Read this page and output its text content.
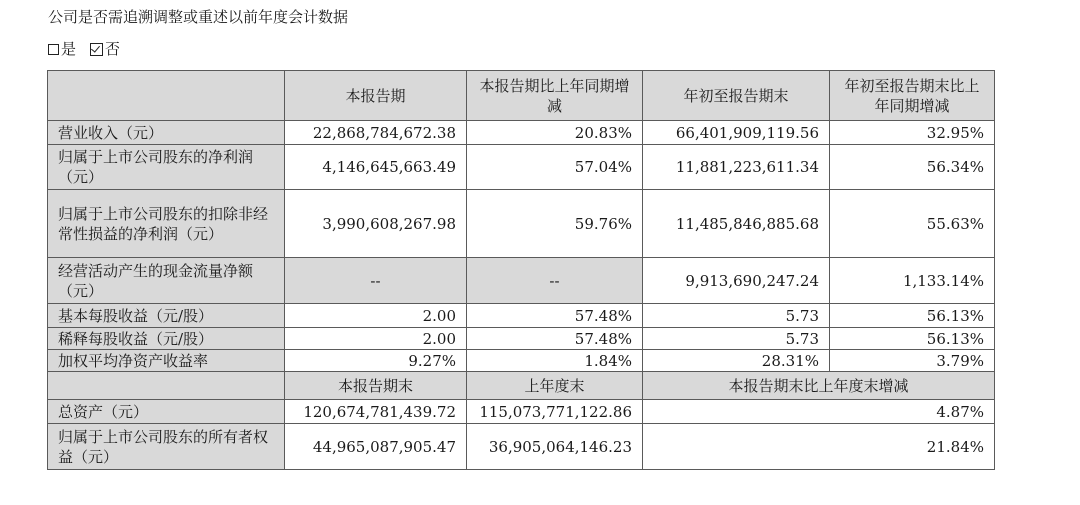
公司是否需追溯调整或重述以前年度会计数据
是 否
	本报告期	本报告期比上年同期增减	年初至报告期末	年初至报告期末比上年同期增减
营业收入（元）	22,868,784,672.38	20.83%	66,401,909,119.56	32.95%
归属于上市公司股东的净利润（元）	4,146,645,663.49	57.04%	11,881,223,611.34	56.34%
归属于上市公司股东的扣除非经常性损益的净利润（元）	3,990,608,267.98	59.76%	11,485,846,885.68	55.63%
经营活动产生的现金流量净额（元）	--	--	9,913,690,247.24	1,133.14%
基本每股收益（元/股）	2.00	57.48%	5.73	56.13%
稀释每股收益（元/股）	2.00	57.48%	5.73	56.13%
加权平均净资产收益率	9.27%	1.84%	28.31%	3.79%
	本报告期末	上年度末	本报告期末比上年度末增减	
总资产（元）	120,674,781,439.72	115,073,771,122.86	4.87%	
归属于上市公司股东的所有者权益（元）	44,965,087,905.47	36,905,064,146.23	21.84%	
